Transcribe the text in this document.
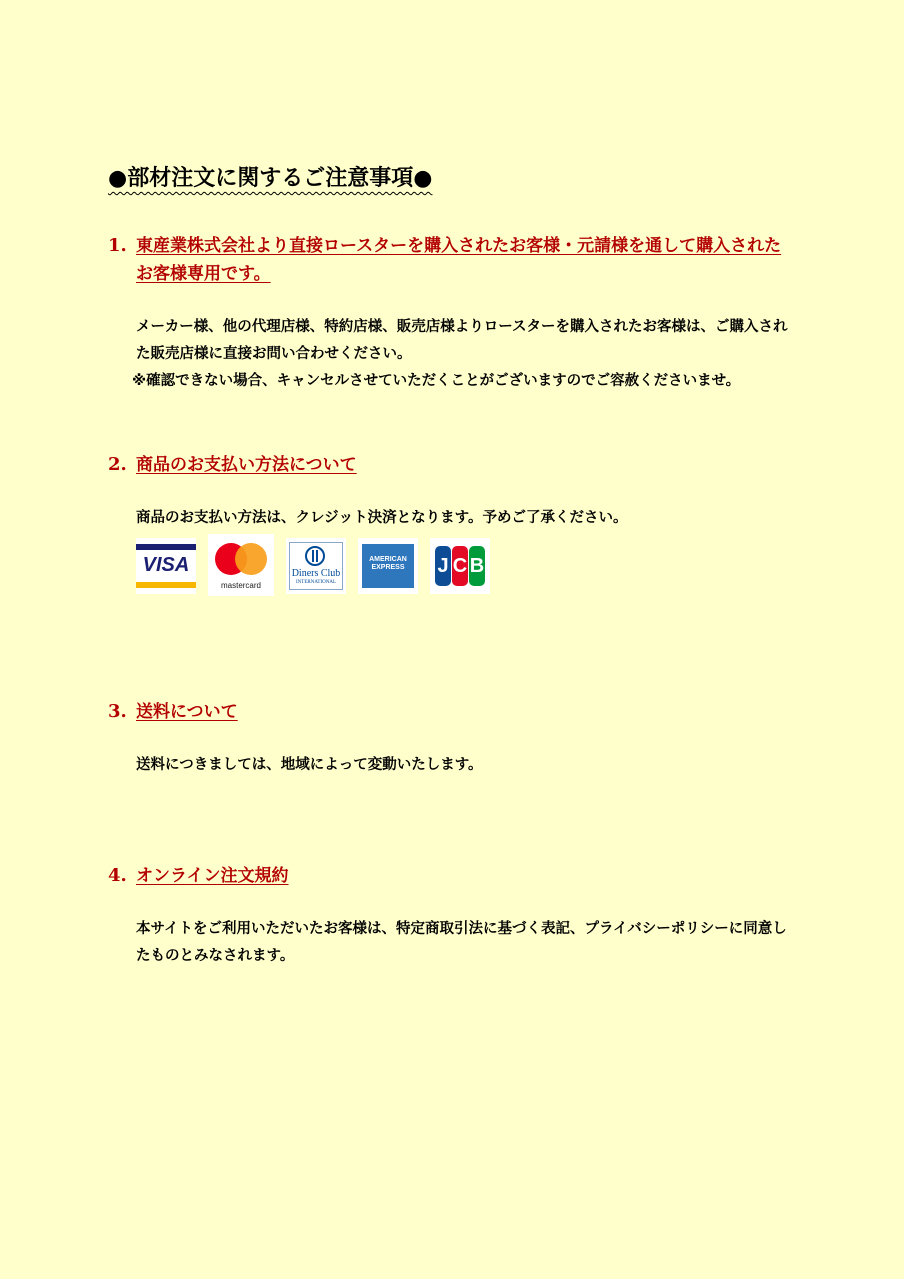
●部材注文に関するご注意事項●
1. 東産業株式会社より直接ロースターを購入されたお客様・元請様を通して購入されたお客様専用です。
メーカー様、他の代理店様、特約店様、販売店様よりロースターを購入されたお客様は、ご購入された販売店様に直接お問い合わせください。
※確認できない場合、キャンセルさせていただくことがございますのでご容赦くださいませ。
2. 商品のお支払い方法について
商品のお支払い方法は、クレジット決済となります。予めご了承ください。
VISA
mastercard
Diners Club
INTERNATIONAL
AMERICAN EXPRESS	J C B
3. 送料について
送料につきましては、地域によって変動いたします。
4. オンライン注文規約
本サイトをご利用いただいたお客様は、特定商取引法に基づく表記、プライバシーポリシーに同意したものとみなされます。
